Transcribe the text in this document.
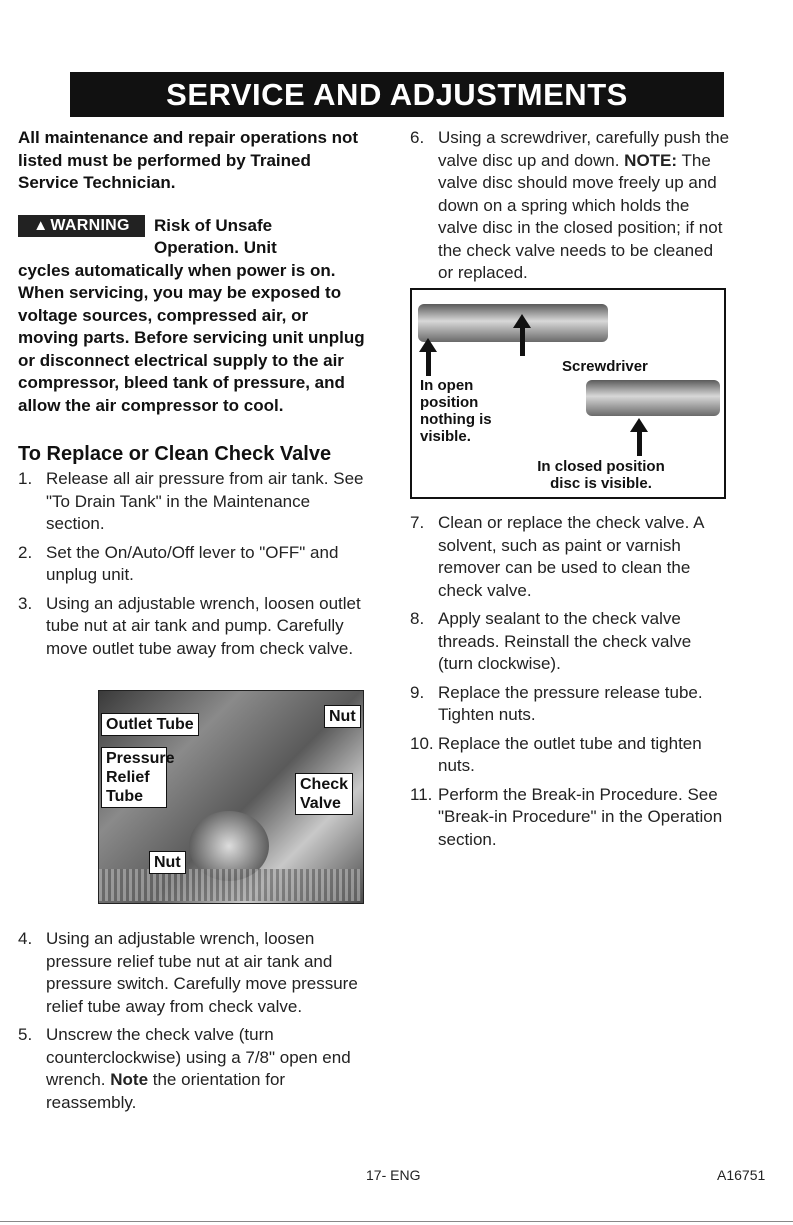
SERVICE AND ADJUSTMENTS
All maintenance and repair operations not listed must be performed by Trained Service Technician.
▲ WARNING	Risk of Unsafe
Operation. Unit
cycles automatically when power is on. When servicing, you may be exposed to voltage sources, compressed air, or moving parts. Before servicing unit unplug or disconnect electrical supply to the air compressor, bleed tank of pressure, and allow the air compressor to cool.
To Replace or Clean Check Valve
1. Release all air pressure from air tank. See "To Drain Tank" in the Maintenance section.
2. Set the On/Auto/Off lever to "OFF" and unplug unit.
3. Using an adjustable wrench, loosen outlet tube nut at air tank and pump. Carefully move outlet tube away from check valve.
Outlet Tube	Nut
Pressure Relief Tube
Check Valve
Nut
4. Using an adjustable wrench, loosen pressure relief tube nut at air tank and pressure switch. Carefully move pressure relief tube away from check valve.
5. Unscrew the check valve (turn counterclockwise) using a 7/8" open end wrench. Note the orientation for reassembly.
6. Using a screwdriver, carefully push the valve disc up and down. NOTE: The valve disc should move freely up and down on a spring which holds the valve disc in the closed position; if not the check valve needs to be cleaned or replaced.
Screwdriver
In open position nothing is visible.
In closed position disc is visible.
7. Clean or replace the check valve. A solvent, such as paint or varnish remover can be used to clean the check valve.
8. Apply sealant to the check valve threads. Reinstall the check valve (turn clockwise).
9. Replace the pressure release tube. Tighten nuts.
10. Replace the outlet tube and tighten nuts.
11. Perform the Break-in Procedure. See "Break-in Procedure" in the Operation section.
17- ENG	A16751
